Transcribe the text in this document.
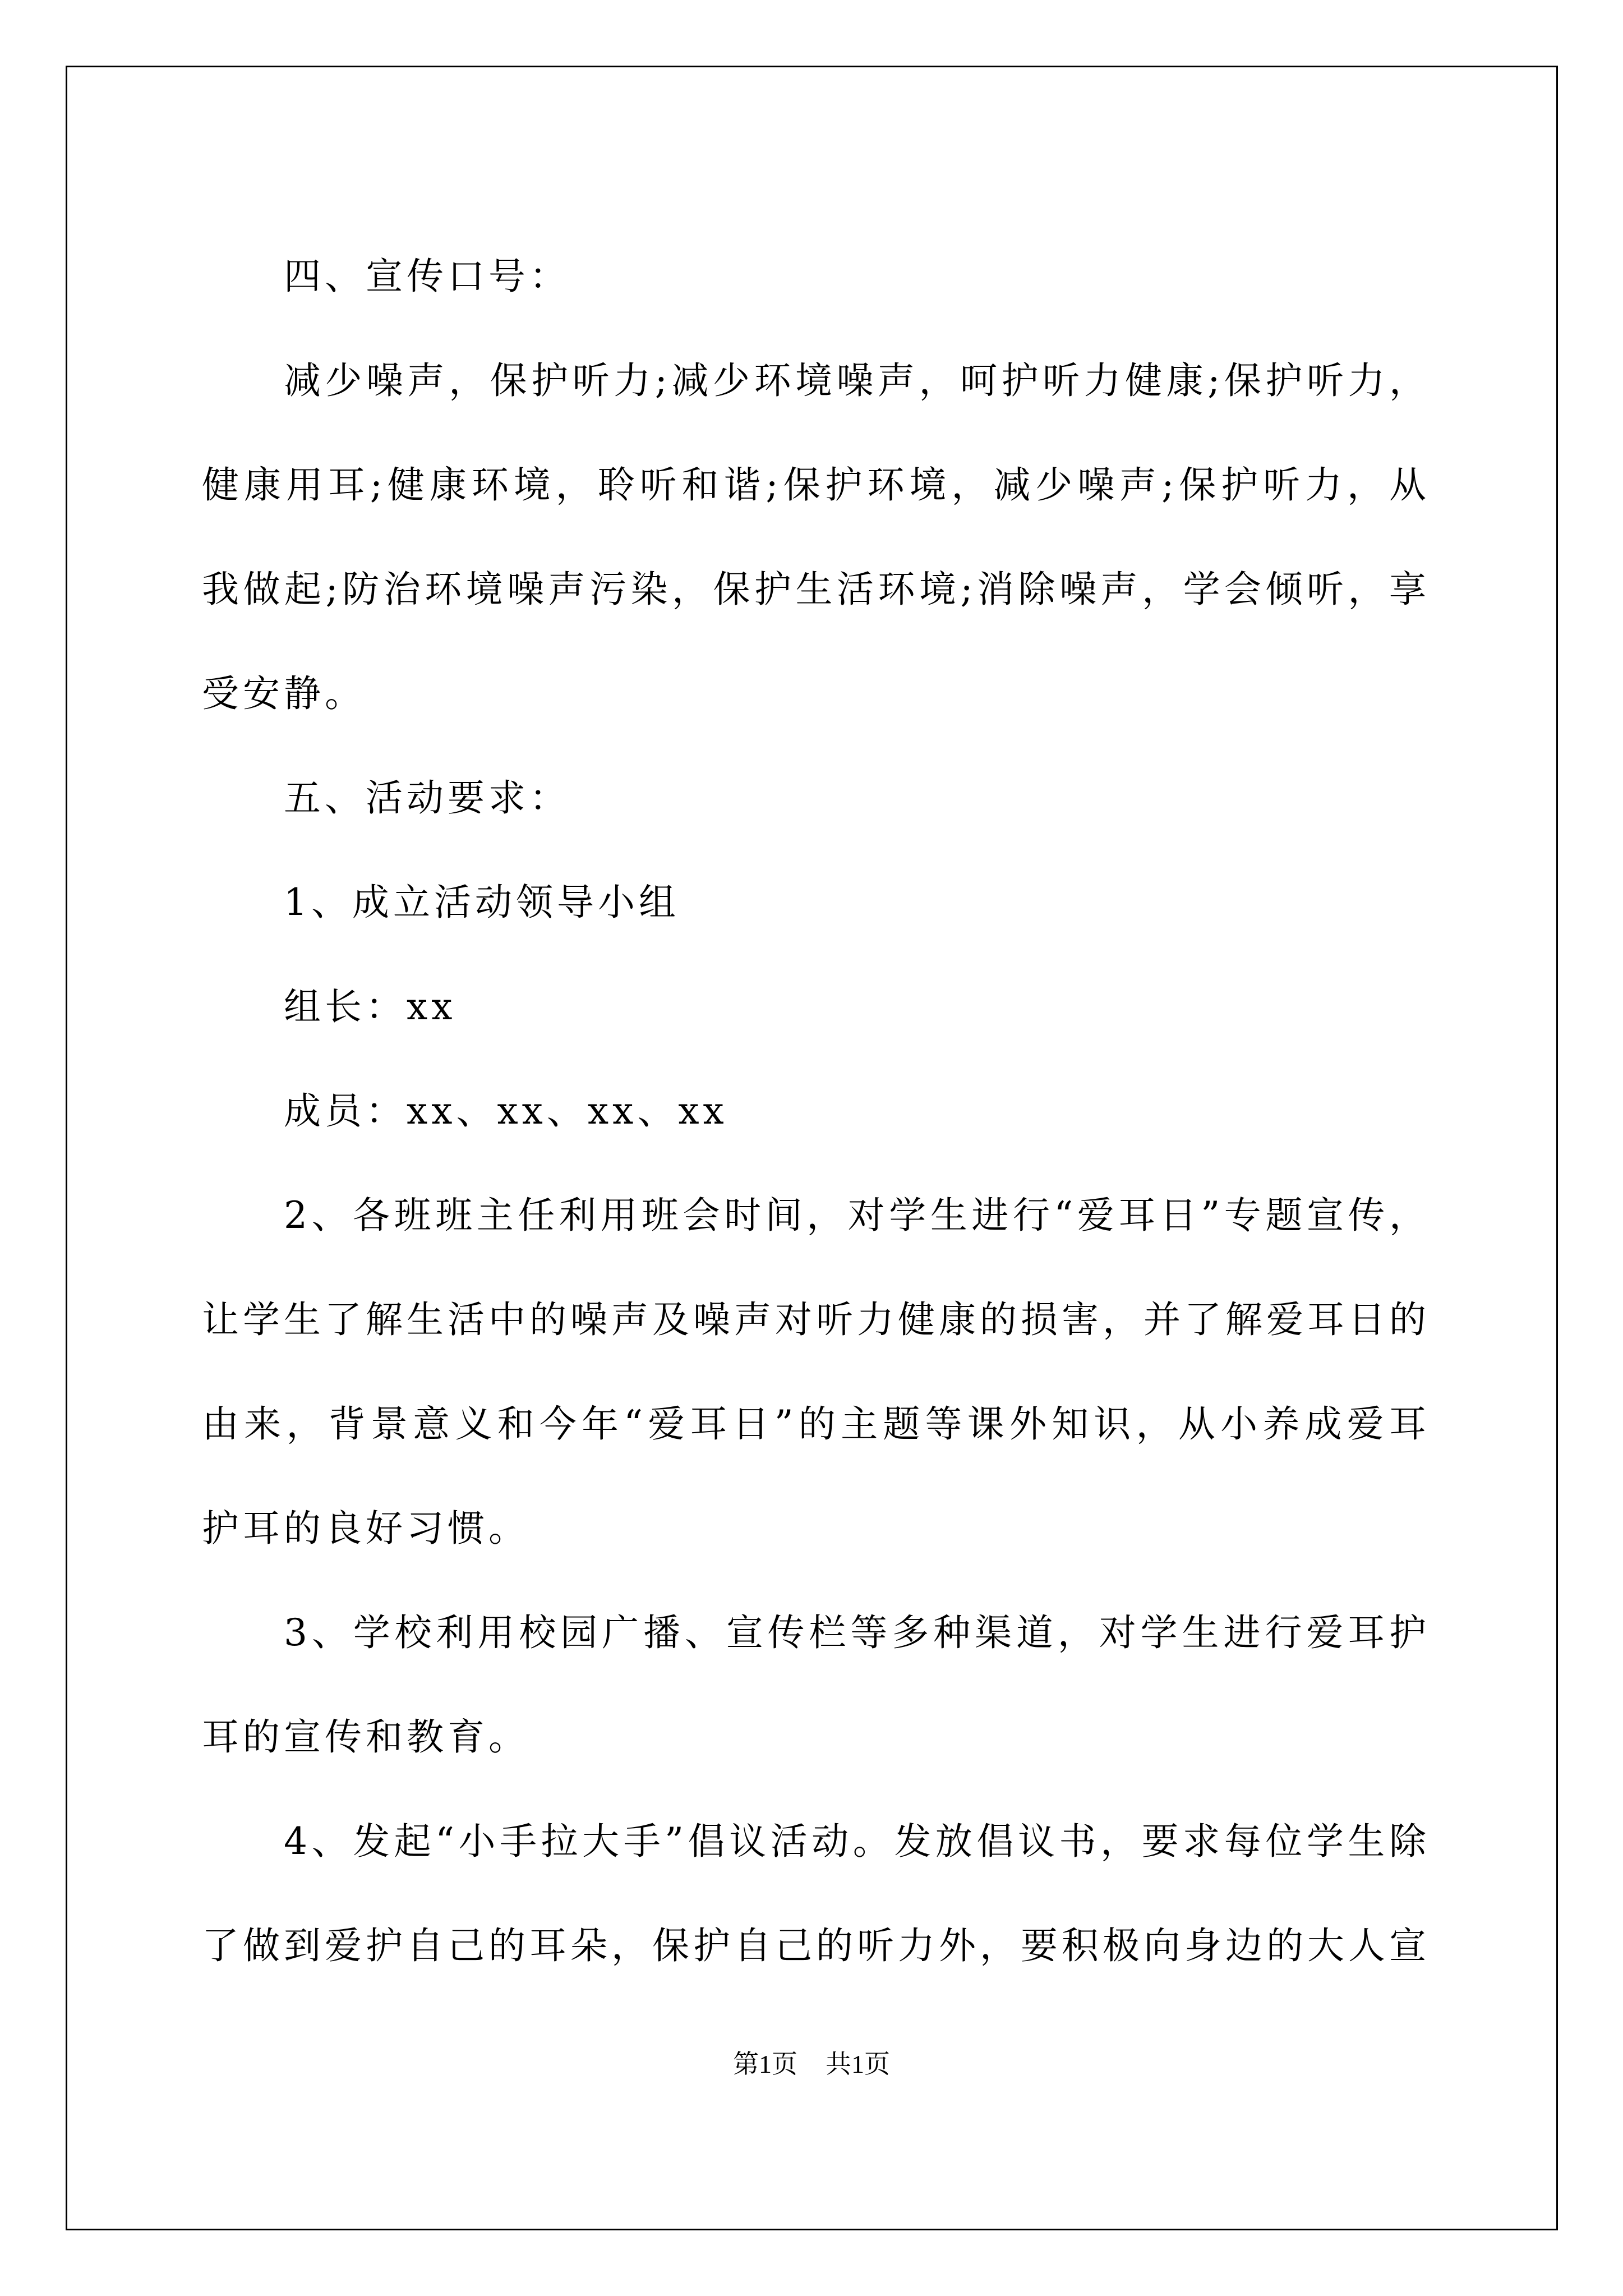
四、宣传口号：

减少噪声，保护听力;减少环境噪声，呵护听力健康;保护听力，健康用耳;健康环境，聆听和谐;保护环境，减少噪声;保护听力，从我做起;防治环境噪声污染，保护生活环境;消除噪声，学会倾听，享受安静。

五、活动要求：

1、成立活动领导小组

组长：xx

成员：xx、xx、xx、xx

2、各班班主任利用班会时间，对学生进行“爱耳日”专题宣传，让学生了解生活中的噪声及噪声对听力健康的损害，并了解爱耳日的由来，背景意义和今年“爱耳日”的主题等课外知识，从小养成爱耳护耳的良好习惯。

3、学校利用校园广播、宣传栏等多种渠道，对学生进行爱耳护耳的宣传和教育。

4、发起“小手拉大手”倡议活动。发放倡议书，要求每位学生除了做到爱护自己的耳朵，保护自己的听力外，要积极向身边的大人宣

第1页 共1页
